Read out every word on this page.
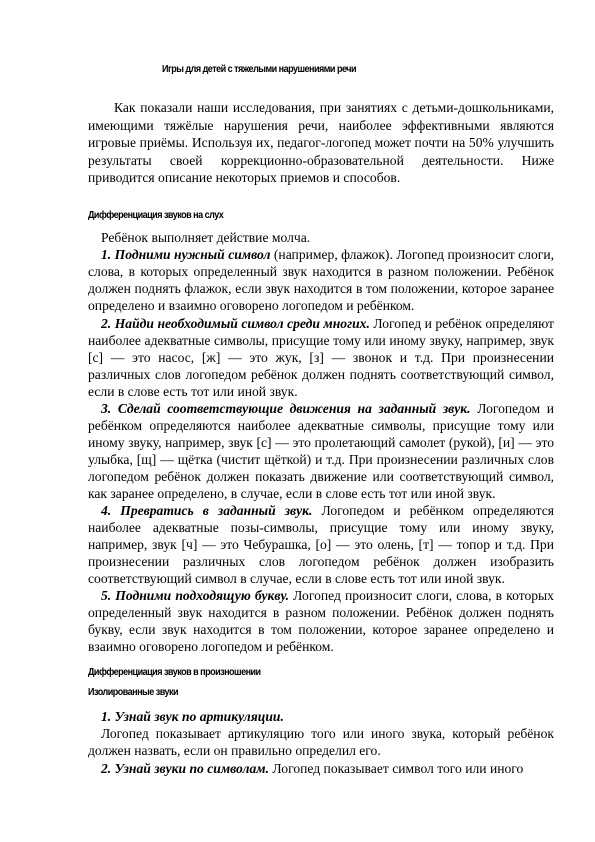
Игры для детей с тяжелыми нарушениями речи

Как показали наши исследования, при занятиях с детьми-дошкольниками, имеющими тяжёлые нарушения речи, наиболее эффективными являются игровые приёмы. Используя их, педагог-логопед может почти на 50% улучшить результаты своей коррекционно-образовательной деятельности. Ниже приводится описание некоторых приемов и способов.

Дифференциация звуков на слух

Ребёнок выполняет действие молча.

1. Подними нужный символ (например, флажок). Логопед произносит слоги, слова, в которых определенный звук находится в разном положении. Ребёнок должен поднять флажок, если звук находится в том положении, которое заранее определено и взаимно оговорено логопедом и ребёнком.

2. Найди необходимый символ среди многих. Логопед и ребёнок определяют наиболее адекватные символы, присущие тому или иному звуку, например, звук [с] — это насос, [ж] — это жук, [з] — звонок и т.д. При произнесении различных слов логопедом ребёнок должен поднять соответствующий символ, если в слове есть тот или иной звук.

3. Сделай соответствующие движения на заданный звук. Логопедом и ребёнком определяются наиболее адекватные символы, присущие тому или иному звуку, например, звук [с] — это пролетающий самолет (рукой), [и] — это улыбка, [щ] — щётка (чистит щёткой) и т.д. При произнесении различных слов логопедом ребёнок должен показать движение или соответствующий символ, как заранее определено, в случае, если в слове есть тот или иной звук.

4. Превратись в заданный звук. Логопедом и ребёнком определяются наиболее адекватные позы-символы, присущие тому или иному звуку, например, звук [ч] — это Чебурашка, [о] — это олень, [т] — топор и т.д. При произнесении различных слов логопедом ребёнок должен изобразить соответствующий символ в случае, если в слове есть тот или иной звук.

5. Подними подходящую букву. Логопед произносит слоги, слова, в которых определенный звук находится в разном положении. Ребёнок должен поднять букву, если звук находится в том положении, которое заранее определено и взаимно оговорено логопедом и ребёнком.

Дифференциация звуков в произношении
Изолированные звуки

1. Узнай звук по артикуляции.

Логопед показывает артикуляцию того или иного звука, который ребёнок должен назвать, если он правильно определил его.

2. Узнай звуки по символам. Логопед показывает символ того или иного
